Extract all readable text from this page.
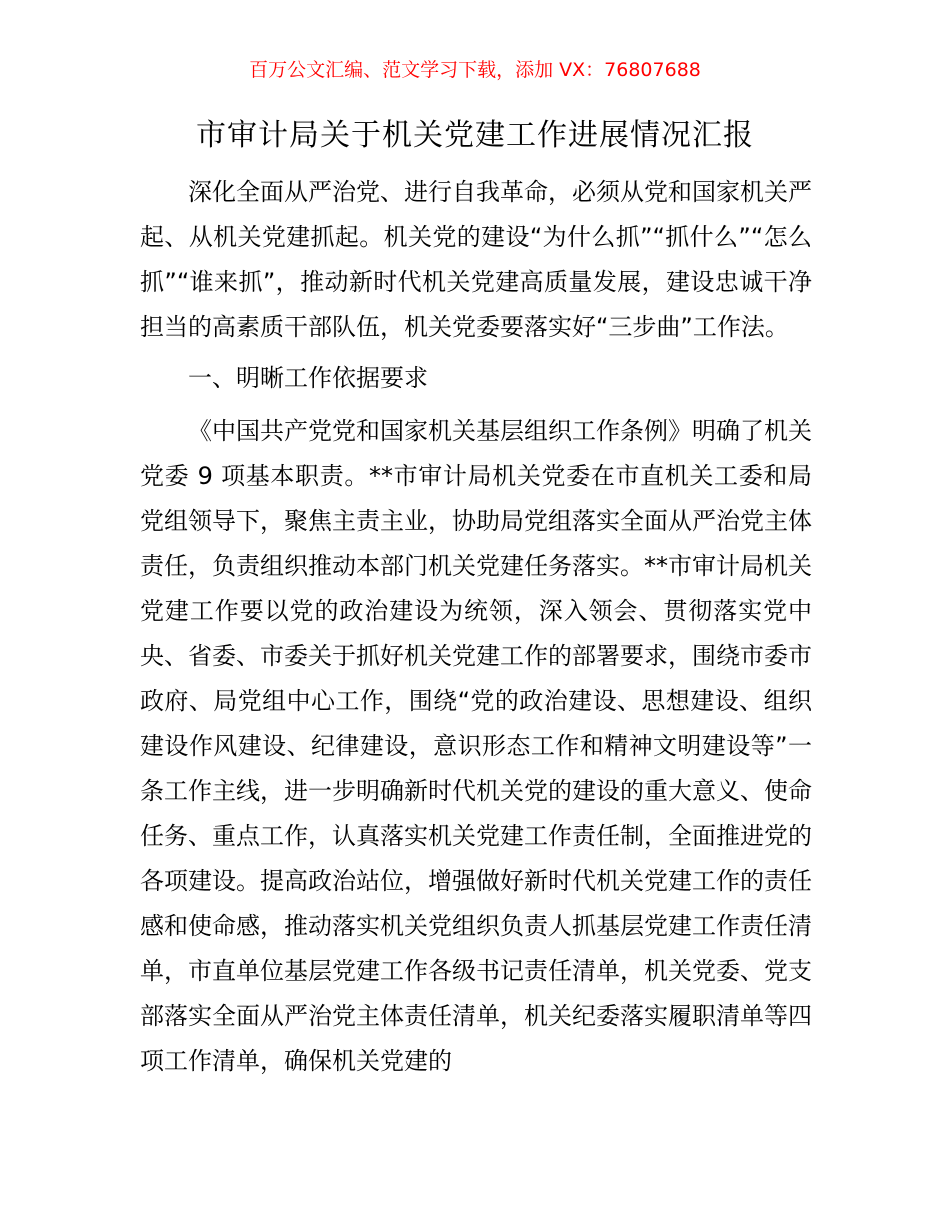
百万公文汇编、范文学习下载，添加 VX：76807688
市审计局关于机关党建工作进展情况汇报

深化全面从严治党、进行自我革命，必须从党和国家机关严起、从机关党建抓起。机关党的建设“为什么抓”“抓什么”“怎么抓”“谁来抓”，推动新时代机关党建高质量发展，建设忠诚干净担当的高素质干部队伍，机关党委要落实好“三步曲”工作法。

一、明晰工作依据要求

《中国共产党党和国家机关基层组织工作条例》明确了机关党委 9 项基本职责。**市审计局机关党委在市直机关工委和局党组领导下，聚焦主责主业，协助局党组落实全面从严治党主体责任，负责组织推动本部门机关党建任务落实。**市审计局机关党建工作要以党的政治建设为统领，深入领会、贯彻落实党中央、省委、市委关于抓好机关党建工作的部署要求，围绕市委市政府、局党组中心工作，围绕“党的政治建设、思想建设、组织建设作风建设、纪律建设，意识形态工作和精神文明建设等”一条工作主线，进一步明确新时代机关党的建设的重大意义、使命任务、重点工作，认真落实机关党建工作责任制，全面推进党的各项建设。提高政治站位，增强做好新时代机关党建工作的责任感和使命感，推动落实机关党组织负责人抓基层党建工作责任清单，市直单位基层党建工作各级书记责任清单，机关党委、党支部落实全面从严治党主体责任清单，机关纪委落实履职清单等四项工作清单，确保机关党建的
